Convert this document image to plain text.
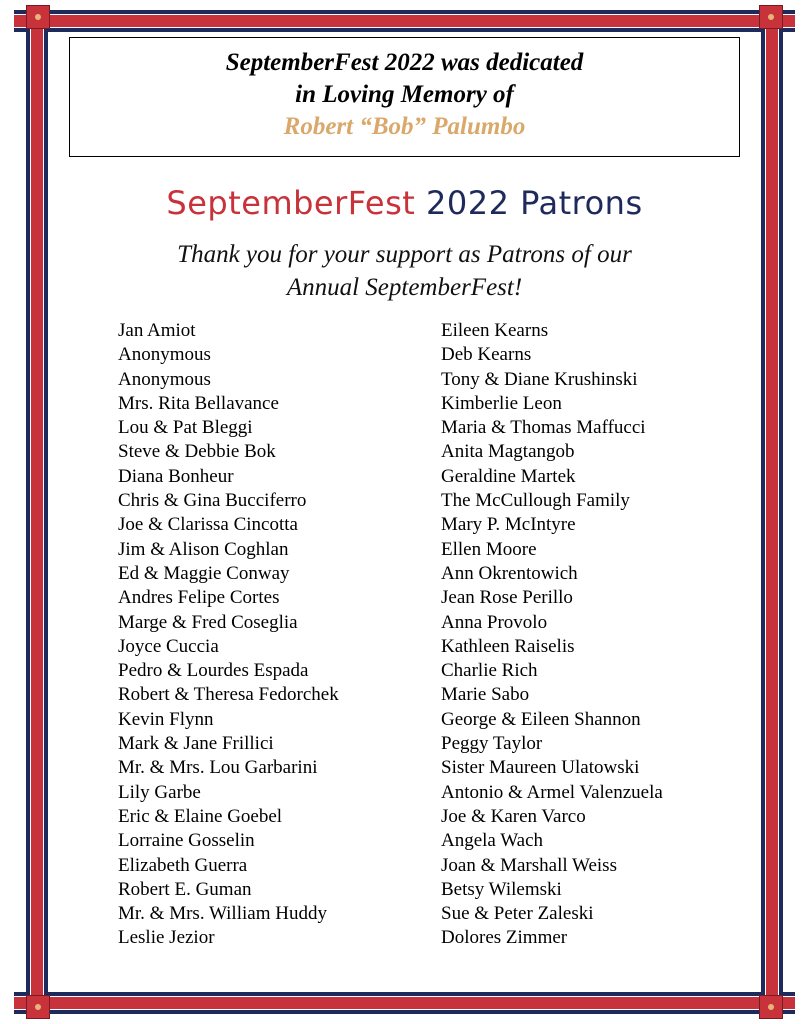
SeptemberFest 2022 was dedicated
in Loving Memory of
Robert “Bob” Palumbo
SeptemberFest 2022 Patrons
Thank you for your support as Patrons of our
Annual SeptemberFest!
Jan Amiot
Anonymous
Anonymous
Mrs. Rita Bellavance
Lou & Pat Bleggi
Steve & Debbie Bok
Diana Bonheur
Chris & Gina Bucciferro
Joe & Clarissa Cincotta
Jim & Alison Coghlan
Ed & Maggie Conway
Andres Felipe Cortes
Marge & Fred Coseglia
Joyce Cuccia
Pedro & Lourdes Espada
Robert & Theresa Fedorchek
Kevin Flynn
Mark & Jane Frillici
Mr. & Mrs. Lou Garbarini
Lily Garbe
Eric & Elaine Goebel
Lorraine Gosselin
Elizabeth Guerra
Robert E. Guman
Mr. & Mrs. William Huddy
Leslie Jezior
Eileen Kearns
Deb Kearns
Tony & Diane Krushinski
Kimberlie Leon
Maria & Thomas Maffucci
Anita Magtangob
Geraldine Martek
The McCullough Family
Mary P. McIntyre
Ellen Moore
Ann Okrentowich
Jean Rose Perillo
Anna Provolo
Kathleen Raiselis
Charlie Rich
Marie Sabo
George & Eileen Shannon
Peggy Taylor
Sister Maureen Ulatowski
Antonio & Armel Valenzuela
Joe & Karen Varco
Angela Wach
Joan & Marshall Weiss
Betsy Wilemski
Sue & Peter Zaleski
Dolores Zimmer
